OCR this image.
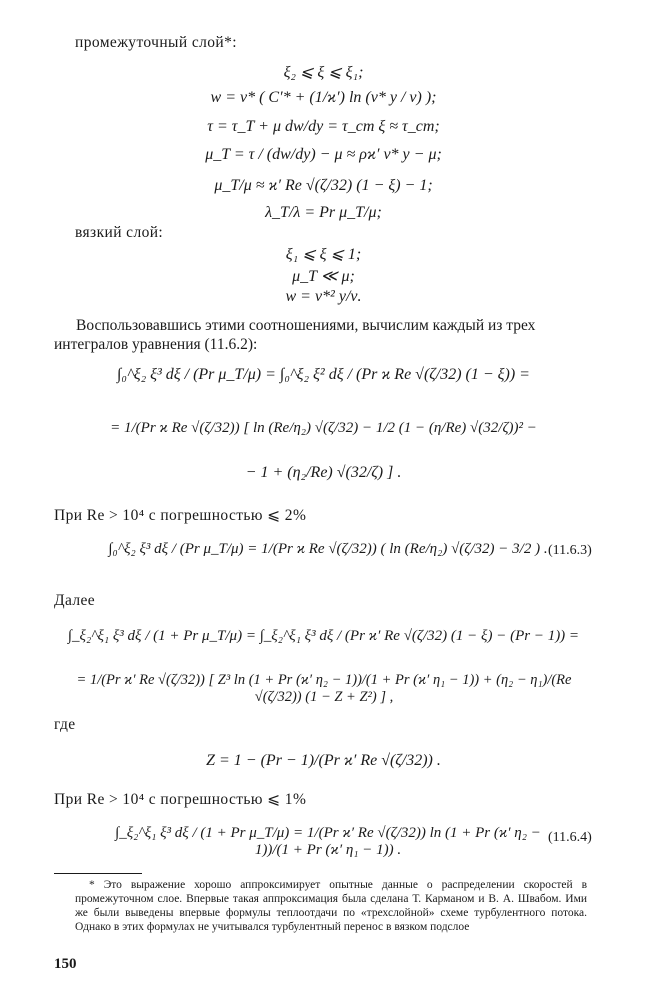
промежуточный слой*:
ξ₂ ⩽ ξ ⩽ ξ₁;
w = v* ( C′* + (1/ϰ′) ln (v* y / ν) );
τ = τ_T + μ dw/dy = τ_ст ξ ≈ τ_ст;
μ_T = τ / (dw/dy) − μ ≈ ρϰ′ v* y − μ;
μ_T/μ ≈ ϰ′ Re √(ζ/32) (1 − ξ) − 1;
λ_T/λ = Pr μ_T/μ;
вязкий слой:
ξ₁ ⩽ ξ ⩽ 1;
μ_T ≪ μ;
w = v*² y/ν.
Воспользовавшись этими соотношениями, вычислим каждый из трех интегралов уравнения (11.6.2):
∫₀^ξ₂ ξ³ dξ / (Pr μ_T/μ) = ∫₀^ξ₂ ξ² dξ / (Pr ϰ Re √(ζ/32) (1 − ξ)) =
= 1/(Pr ϰ Re √(ζ/32)) [ ln (Re/η₂) √(ζ/32) − 1/2 (1 − (η/Re) √(32/ζ))² −
− 1 + (η₂/Re) √(32/ζ) ] .
При Re > 10⁴ с погрешностью ⩽ 2%
∫₀^ξ₂ ξ³ dξ / (Pr μ_T/μ) = 1/(Pr ϰ Re √(ζ/32)) ( ln (Re/η₂) √(ζ/32) − 3/2 ) . (11.6.3)
Далее
∫_ξ₂^ξ₁ ξ³ dξ / (1 + Pr μ_T/μ) = ∫_ξ₂^ξ₁ ξ³ dξ / (Pr ϰ′ Re √(ζ/32) (1 − ξ) − (Pr − 1)) =
= 1/(Pr ϰ′ Re √(ζ/32)) [ Z³ ln (1 + Pr (ϰ′ η₂ − 1))/(1 + Pr (ϰ′ η₁ − 1)) + (η₂ − η₁)/(Re √(ζ/32)) (1 − Z + Z²) ] ,
где
Z = 1 − (Pr − 1)/(Pr ϰ′ Re √(ζ/32)) .
При Re > 10⁴ с погрешностью ⩽ 1%
∫_ξ₂^ξ₁ ξ³ dξ / (1 + Pr μ_T/μ) = 1/(Pr ϰ′ Re √(ζ/32)) ln (1 + Pr (ϰ′ η₂ − 1))/(1 + Pr (ϰ′ η₁ − 1)) .
(11.6.4)
* Это выражение хорошо аппроксимирует опытные данные о распределении скоростей в промежуточном слое. Впервые такая аппроксимация была сделана Т. Карманом и В. А. Швабом. Ими же были выведены впервые формулы теплоотдачи по «трехслойной» схеме турбулентного потока. Однако в этих формулах не учитывался турбулентный перенос в вязком подслое
150
